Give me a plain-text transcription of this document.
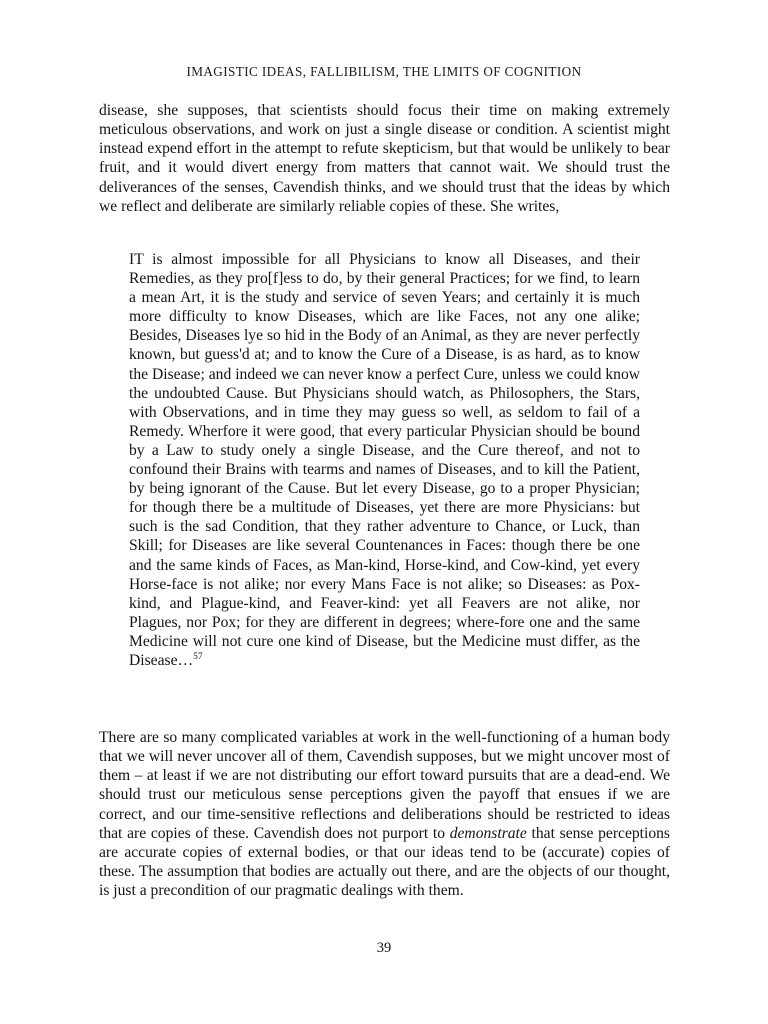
IMAGISTIC IDEAS, FALLIBILISM, THE LIMITS OF COGNITION

disease, she supposes, that scientists should focus their time on making extremely meticulous observations, and work on just a single disease or condition. A scientist might instead expend effort in the attempt to refute skepticism, but that would be unlikely to bear fruit, and it would divert energy from matters that cannot wait. We should trust the deliverances of the senses, Cavendish thinks, and we should trust that the ideas by which we reflect and deliberate are similarly reliable copies of these. She writes,

IT is almost impossible for all Physicians to know all Diseases, and their Remedies, as they pro[f]ess to do, by their general Practices; for we find, to learn a mean Art, it is the study and service of seven Years; and certainly it is much more difficulty to know Diseases, which are like Faces, not any one alike; Besides, Diseases lye so hid in the Body of an Animal, as they are never perfectly known, but guess'd at; and to know the Cure of a Disease, is as hard, as to know the Disease; and indeed we can never know a perfect Cure, unless we could know the undoubted Cause. But Physicians should watch, as Philosophers, the Stars, with Observations, and in time they may guess so well, as seldom to fail of a Remedy. Wherfore it were good, that every particular Physician should be bound by a Law to study onely a single Disease, and the Cure thereof, and not to confound their Brains with tearms and names of Diseases, and to kill the Patient, by being ignorant of the Cause. But let every Disease, go to a proper Physician; for though there be a multitude of Diseases, yet there are more Physicians: but such is the sad Condition, that they rather adventure to Chance, or Luck, than Skill; for Diseases are like several Countenances in Faces: though there be one and the same kinds of Faces, as Man-kind, Horse-kind, and Cow-kind, yet every Horse-face is not alike; nor every Mans Face is not alike; so Diseases: as Pox-kind, and Plague-kind, and Feaver-kind: yet all Feavers are not alike, nor Plagues, nor Pox; for they are different in degrees; where-fore one and the same Medicine will not cure one kind of Disease, but the Medicine must differ, as the Disease…$^{57}$

There are so many complicated variables at work in the well-functioning of a human body that we will never uncover all of them, Cavendish supposes, but we might uncover most of them – at least if we are not distributing our effort toward pursuits that are a dead-end. We should trust our meticulous sense perceptions given the payoff that ensues if we are correct, and our time-sensitive reflections and deliberations should be restricted to ideas that are copies of these. Cavendish does not purport to demonstrate that sense perceptions are accurate copies of external bodies, or that our ideas tend to be (accurate) copies of these. The assumption that bodies are actually out there, and are the objects of our thought, is just a precondition of our pragmatic dealings with them.

39
